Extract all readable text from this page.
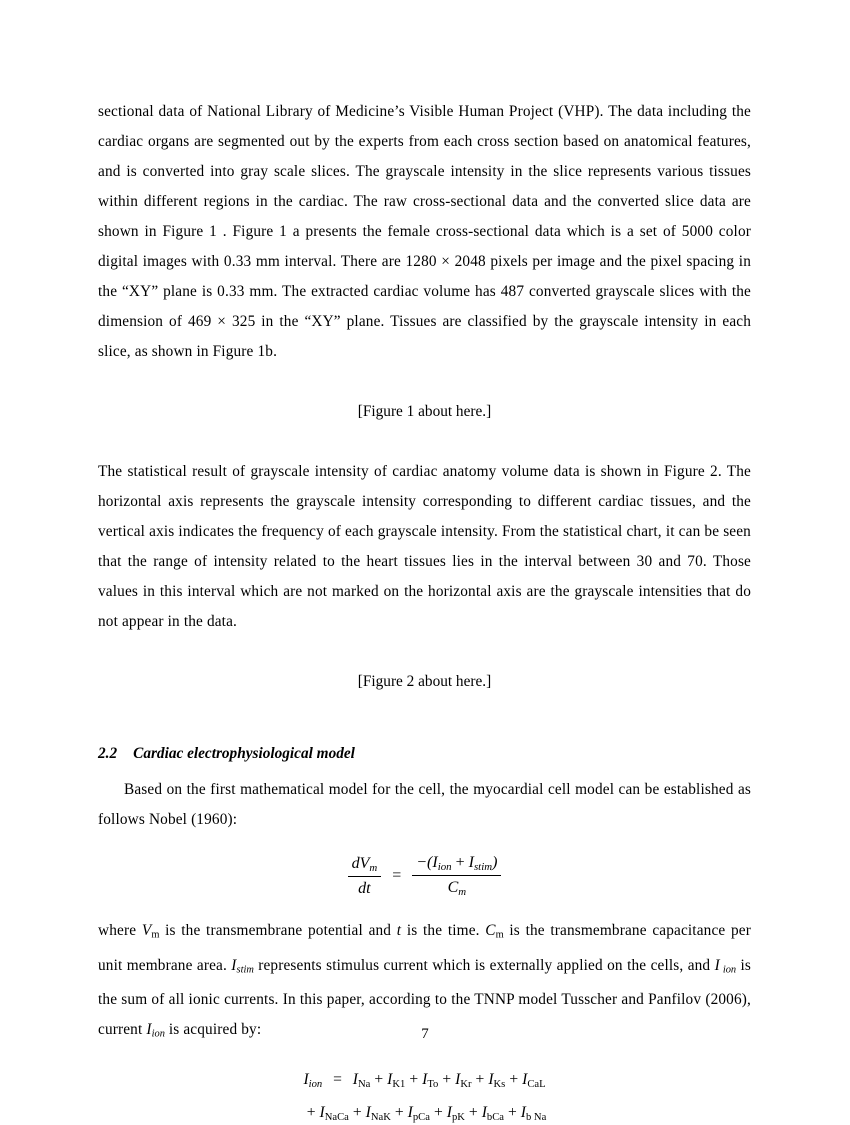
sectional data of National Library of Medicine’s Visible Human Project (VHP). The data including the cardiac organs are segmented out by the experts from each cross section based on anatomical features, and is converted into gray scale slices. The grayscale intensity in the slice represents various tissues within different regions in the cardiac. The raw cross-sectional data and the converted slice data are shown in Figure 1 . Figure 1 a presents the female cross-sectional data which is a set of 5000 color digital images with 0.33 mm interval. There are 1280 × 2048 pixels per image and the pixel spacing in the “XY” plane is 0.33 mm. The extracted cardiac volume has 487 converted grayscale slices with the dimension of 469 × 325 in the “XY” plane. Tissues are classified by the grayscale intensity in each slice, as shown in Figure 1b.

[Figure 1 about here.]

The statistical result of grayscale intensity of cardiac anatomy volume data is shown in Figure 2. The horizontal axis represents the grayscale intensity corresponding to different cardiac tissues, and the vertical axis indicates the frequency of each grayscale intensity. From the statistical chart, it can be seen that the range of intensity related to the heart tissues lies in the interval between 30 and 70. Those values in this interval which are not marked on the horizontal axis are the grayscale intensities that do not appear in the data.

[Figure 2 about here.]

2.2 Cardiac electrophysiological model

Based on the first mathematical model for the cell, the myocardial cell model can be established as follows Nobel (1960):

$\frac{dV_m}{dt} = \frac{-(I_{ion} + I_{stim})}{C_m}$

where $V_m$ is the transmembrane potential and t is the time. $C_m$ is the transmembrane capacitance per unit membrane area. $I_{stim}$ represents stimulus current which is externally applied on the cells, and I $_{ion}$ is the sum of all ionic currents. In this paper, according to the TNNP model Tusscher and Panfilov (2006), current $I_{ion}$ is acquired by:

$I_{ion} = I_{Na} + I_{K1} + I_{To} + I_{Kr} + I_{Ks} + I_{CaL}$
+ $I_{NaCa} + I_{NaK} + I_{pCa} + I_{pK} + I_{bCa} + I_{b Na}$
7
